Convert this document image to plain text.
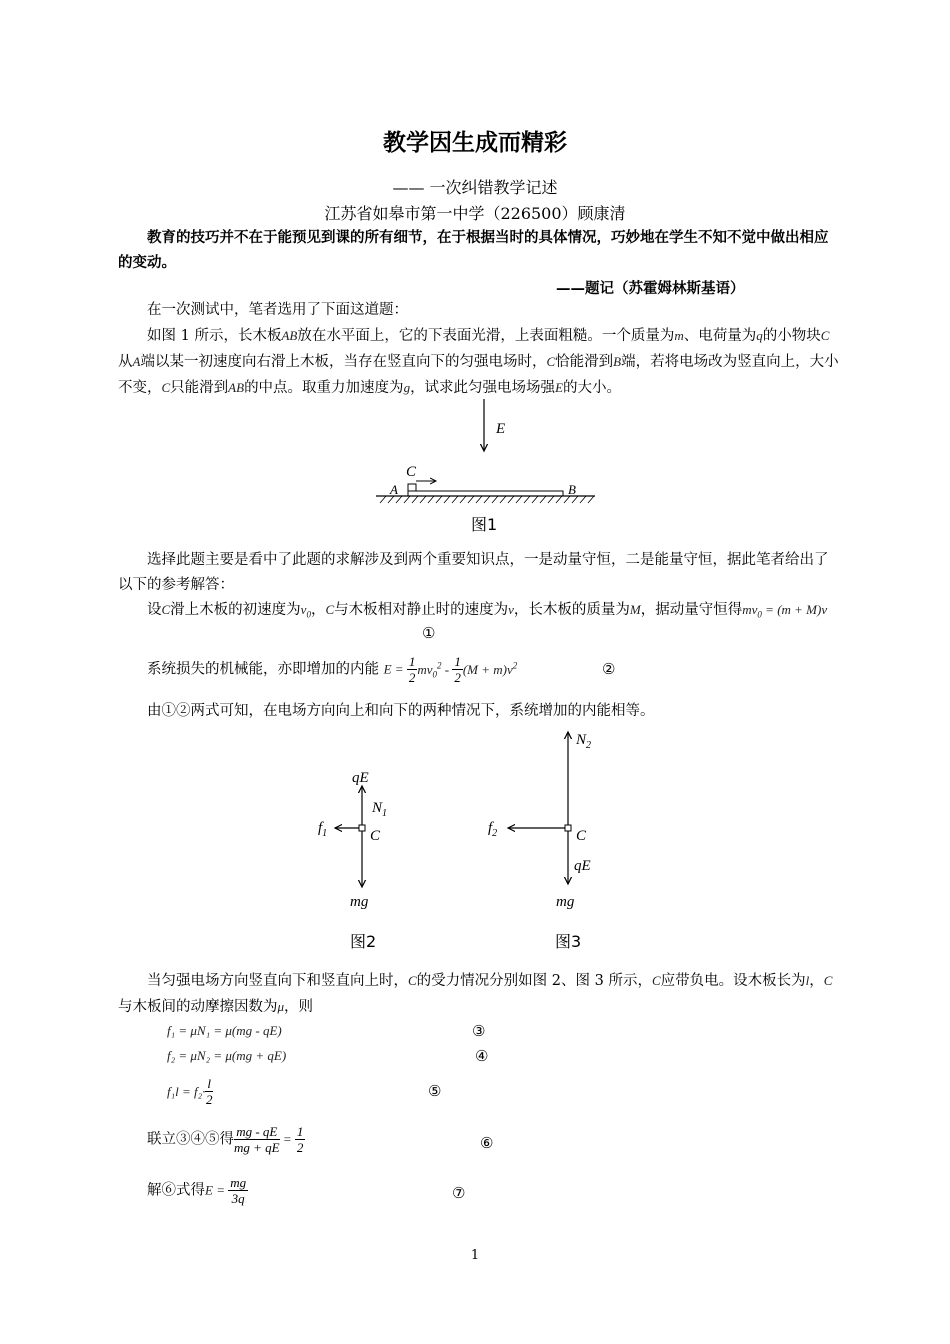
教学因生成而精彩
—— 一次纠错教学记述
江苏省如皋市第一中学（226500）顾康清
教育的技巧并不在于能预见到课的所有细节，在于根据当时的具体情况，巧妙地在学生不知不觉中做出相应的变动。
——题记（苏霍姆林斯基语）
在一次测试中，笔者选用了下面这道题：
如图 1 所示，长木板AB放在水平面上，它的下表面光滑，上表面粗糙。一个质量为m、电荷量为q的小物块C从A端以某一初速度向右滑上木板，当存在竖直向下的匀强电场时，C恰能滑到B端，若将电场改为竖直向上，大小不变，C只能滑到AB的中点。取重力加速度为g，试求此匀强电场场强E的大小。
E
C
A	B
图1
选择此题主要是看中了此题的求解涉及到两个重要知识点，一是动量守恒，二是能量守恒，据此笔者给出了以下的参考解答：
设C滑上木板的初速度为$v_0$，C与木板相对静止时的速度为v，长木板的质量为M，据动量守恒得$mv_0 = (m + M)v$
①
系统损失的机械能，亦即增加的内能 $E = \frac{1}{2} mv_0^2 - \frac{1}{2} (M + m)v^2$	②
由①②两式可知，在电场方向向上和向下的两种情况下，系统增加的内能相等。
qE
$N_1$
$f_1$	C
mg
图2
$N_2$
$f_2$	C
qE
mg
图3
当匀强电场方向竖直向下和竖直向上时，C的受力情况分别如图 2、图 3 所示，C应带负电。设木板长为l，C与木板间的动摩擦因数为μ，则
f₁ = μN₁ = μ(mg - qE)	③
f₂ = μN₂ = μ(mg + qE)	④
$f_1l = f_2\cdot \frac{l}{2}$	⑤
联立③④⑤得 $\frac{mg - qE}{mg + qE} = \frac{1}{2}$	⑥
解⑥式得$E = \frac{mg}{3q}$	⑦
1
